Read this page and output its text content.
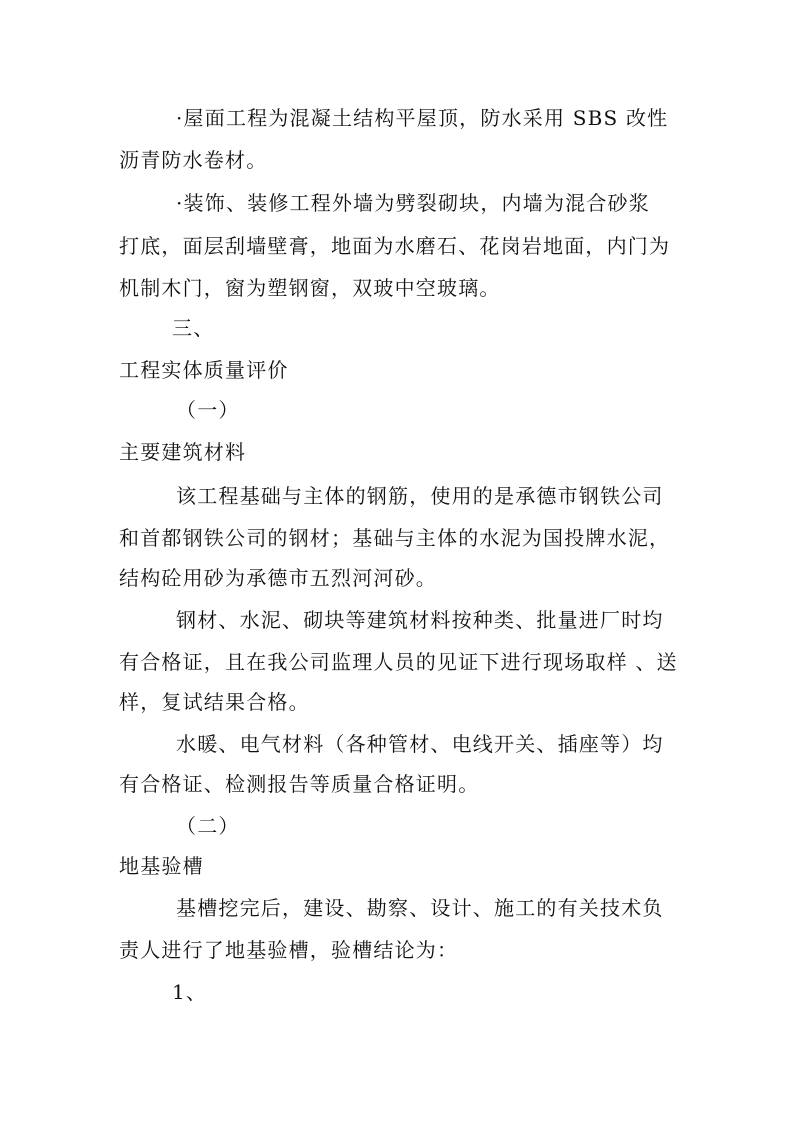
·屋面工程为混凝土结构平屋顶，防水采用 SBS 改性
沥青防水卷材。
·装饰、装修工程外墙为劈裂砌块，内墙为混合砂浆
打底，面层刮墙壁膏，地面为水磨石、花岗岩地面，内门为
机制木门，窗为塑钢窗，双玻中空玻璃。
三、
工程实体质量评价
（一）
主要建筑材料
该工程基础与主体的钢筋，使用的是承德市钢铁公司
和首都钢铁公司的钢材；基础与主体的水泥为国投牌水泥，
结构砼用砂为承德市五烈河河砂。
钢材、水泥、砌块等建筑材料按种类、批量进厂时均
有合格证，且在我公司监理人员的见证下进行现场取样 、送
样，复试结果合格。
水暖、电气材料（各种管材、电线开关、插座等）均
有合格证、检测报告等质量合格证明。
（二）
地基验槽
基槽挖完后，建设、勘察、设计、施工的有关技术负
责人进行了地基验槽，验槽结论为：
1、
